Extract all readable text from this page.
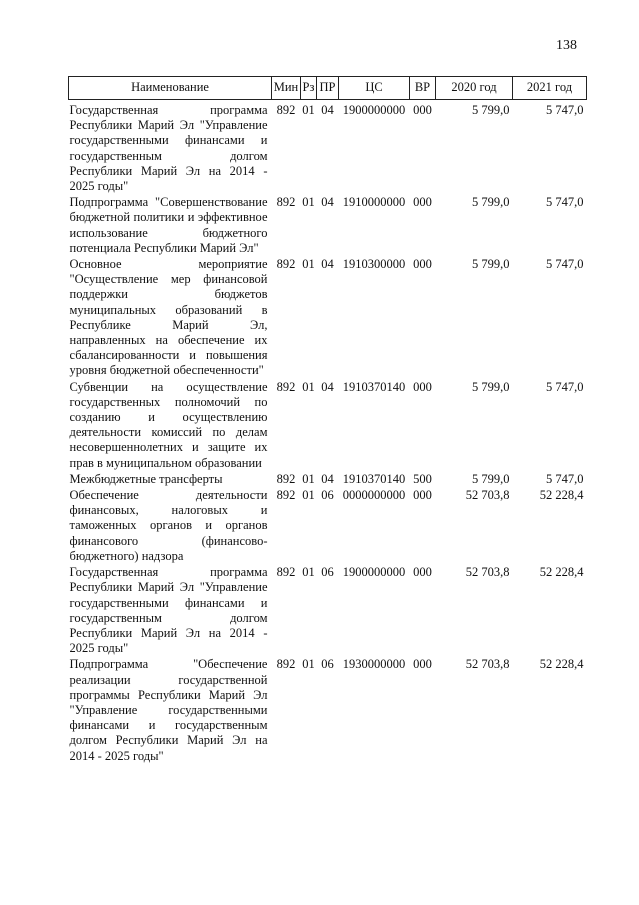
138
Наименование	Мин	Рз	ПР	ЦС	ВР	2020 год	2021 год
Государственная программа Республики Марий Эл "Управление государственными финансами и государственным долгом Республики Марий Эл на 2014 - 2025 годы"	892	01	04	1900000000	000	5 799,0	5 747,0
Подпрограмма "Совершенствование бюджетной политики и эффективное использование бюджетного потенциала Республики Марий Эл"	892	01	04	1910000000	000	5 799,0	5 747,0
Основное мероприятие "Осуществление мер финансовой поддержки бюджетов муниципальных образований в Республике Марий Эл, направленных на обеспечение их сбалансированности и повышения уровня бюджетной обеспеченности"	892	01	04	1910300000	000	5 799,0	5 747,0
Субвенции на осуществление государственных полномочий по созданию и осуществлению деятельности комиссий по делам несовершеннолетних и защите их прав в муниципальном образовании	892	01	04	1910370140	000	5 799,0	5 747,0
Межбюджетные трансферты	892	01	04	1910370140	500	5 799,0	5 747,0
Обеспечение деятельности финансовых, налоговых и таможенных органов и органов финансового (финансово-бюджетного) надзора	892	01	06	0000000000	000	52 703,8	52 228,4
Государственная программа Республики Марий Эл "Управление государственными финансами и государственным долгом Республики Марий Эл на 2014 - 2025 годы"	892	01	06	1900000000	000	52 703,8	52 228,4
Подпрограмма "Обеспечение реализации государственной программы Республики Марий Эл "Управление государственными финансами и государственным долгом Республики Марий Эл на 2014 - 2025 годы"	892	01	06	1930000000	000	52 703,8	52 228,4
